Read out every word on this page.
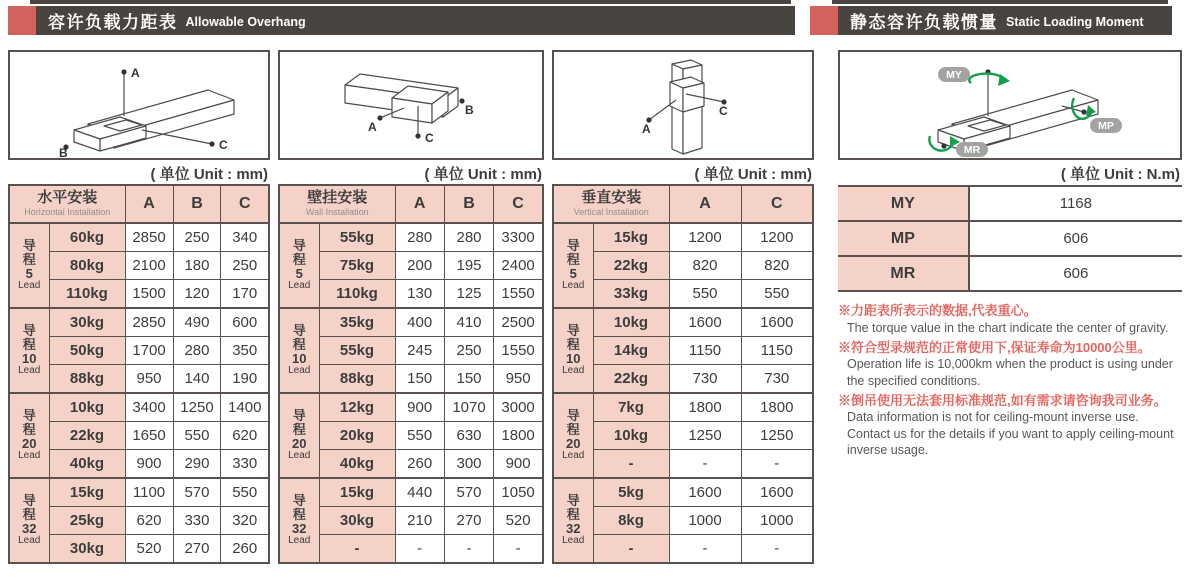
容许负载力距表 Allowable Overhang	静态容许负载惯量 Static Loading Moment
A
B
C
( 单位 Unit : mm)
水平安装
Horizontal Installation		A	B	C

导
程
5
Lead	60kg	2850	250	340
	80kg	2100	180	250
	110kg	1500	120	170

导
程
10
Lead	30kg	2850	490	600
	50kg	1700	280	350
	88kg	950	140	190

导
程
20
Lead	10kg	3400	1250	1400
	22kg	1650	550	620
	40kg	900	290	330

导
程
32
Lead	15kg	1100	570	550
	25kg	620	330	320
	30kg	520	270	260
A
B
C
( 单位 Unit : mm)
壁挂安装
Wall Installation		A	B	C

导
程
5
Lead	55kg	280	280	3300
	75kg	200	195	2400
	110kg	130	125	1550

导
程
10
Lead	35kg	400	410	2500
	55kg	245	250	1550
	88kg	150	150	950

导
程
20
Lead	12kg	900	1070	3000
	20kg	550	630	1800
	40kg	260	300	900

导
程
32
Lead	15kg	440	570	1050
	30kg	210	270	520
	-	-	-	-
A
C
( 单位 Unit : mm)
垂直安装
Vertical Installation		A	C

导
程
5
Lead	15kg	1200	1200
	22kg	820	820
	33kg	550	550

导
程
10
Lead	10kg	1600	1600
	14kg	1150	1150
	22kg	730	730

导
程
20
Lead	7kg	1800	1800
	10kg	1250	1250
	-	-	-

导
程
32
Lead	5kg	1600	1600
	8kg	1000	1000
	-	-	-
MY
MP
MR
( 单位 Unit : N.m)
MY	1168
MP	606
MR	606
※力距表所表示的数据,代表重心。
The torque value in the chart indicate the center of gravity.
※符合型录规范的正常使用下,保证寿命为10000公里。
Operation life is 10,000km when the product is using under the specified conditions.
※倒吊使用无法套用标准规范,如有需求请咨询我司业务。
Data information is not for ceiling-mount inverse use.
Contact us for the details if you want to apply ceiling-mount inverse usage.
